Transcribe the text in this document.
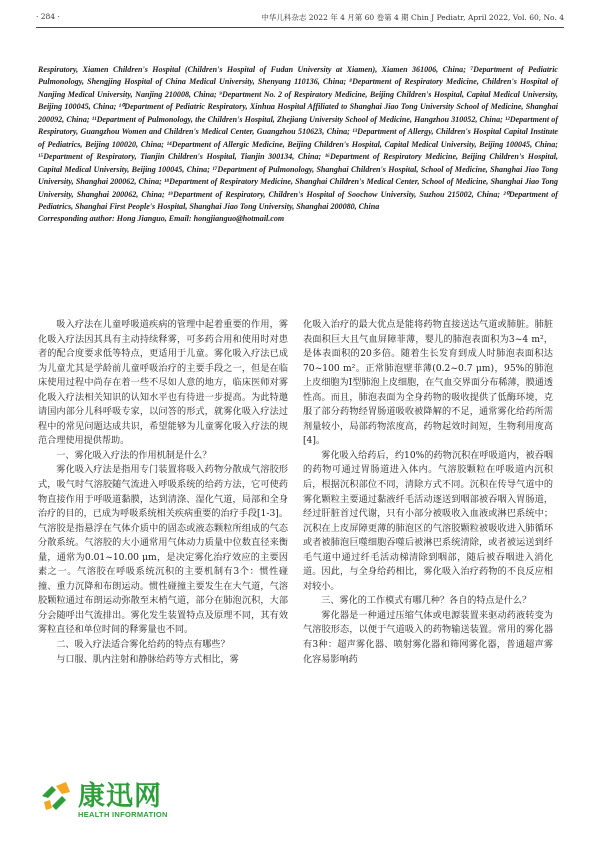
· 284 ·	中华儿科杂志 2022 年 4 月第 60 卷第 4 期 Chin J Pediatr, April 2022, Vol. 60, No. 4

Respiratory, Xiamen Children's Hospital (Children's Hospital of Fudan University at Xiamen), Xiamen 361006, China; ⁷Department of Pediatric Pulmonology, Shengjing Hospital of China Medical University, Shenyang 110136, China; ⁸Department of Respiratory Medicine, Children's Hospital of Nanjing Medical University, Nanjing 210008, China; ⁹Department No. 2 of Respiratory Medicine, Beijing Children's Hospital, Capital Medical University, Beijing 100045, China; ¹⁰Department of Pediatric Respiratory, Xinhua Hospital Affiliated to Shanghai Jiao Tong University School of Medicine, Shanghai 200092, China; ¹¹Department of Pulmonology, the Children's Hospital, Zhejiang University School of Medicine, Hangzhou 310052, China; ¹²Department of Respiratory, Guangzhou Women and Children's Medical Center, Guangzhou 510623, China; ¹³Department of Allergy, Children's Hospital Capital Institute of Pediatrics, Beijing 100020, China; ¹⁴Department of Allergic Medicine, Beijing Children's Hospital, Capital Medical University, Beijing 100045, China; ¹⁵Department of Respiratory, Tianjin Children's Hospital, Tianjin 300134, China; ¹⁶Department of Respiratory Medicine, Beijing Children's Hospital, Capital Medical University, Beijing 100045, China; ¹⁷Department of Pulmonology, Shanghai Children's Hospital, School of Medicine, Shanghai Jiao Tong University, Shanghai 200062, China; ¹⁸Department of Respiratory Medicine, Shanghai Children's Medical Center, School of Medicine, Shanghai Jiao Tong University, Shanghai 200062, China; ¹⁹Department of Respiratory, Children's Hospital of Soochow University, Suzhou 215002, China; ²⁰Department of Pediatrics, Shanghai First People's Hospital, Shanghai Jiao Tong University, Shanghai 200080, China

Corresponding author: Hong Jianguo, Email: hongjianguo@hotmail.com

吸入疗法在儿童呼吸道疾病的管理中起着重要的作用，雾化吸入疗法因其具有主动持续释雾，可多药合用和使用时对患者的配合度要求低等特点，更适用于儿童。雾化吸入疗法已成为儿童尤其是学龄前儿童呼吸治疗的主要手段之一，但是在临床使用过程中尚存在着一些不尽如人意的地方，临床医师对雾化吸入疗法相关知识的认知水平也有待进一步提高。为此特邀请国内部分儿科呼吸专家，以问答的形式，就雾化吸入疗法过程中的常见问题达成共识，希望能够为儿童雾化吸入疗法的规范合理使用提供帮助。

一、雾化吸入疗法的作用机制是什么？

雾化吸入疗法是指用专门装置将吸入药物分散成气溶胶形式，吸气时气溶胶随气流进入呼吸系统的给药方法，它可使药物直接作用于呼吸道黏膜，达到清涤、湿化气道，局部和全身治疗的目的，已成为呼吸系统相关疾病重要的治疗手段[1-3]。气溶胶是指悬浮在气体介质中的固态或液态颗粒所组成的气态分散系统。气溶胶的大小通常用气体动力质量中位数直径来衡量，通常为0.01~10.00 μm，是决定雾化治疗效应的主要因素之一。气溶胶在呼吸系统沉积的主要机制有3个：惯性碰撞、重力沉降和布朗运动。惯性碰撞主要发生在大气道，气溶胶颗粒通过布朗运动弥散至末梢气道，部分在肺泡沉积，大部分会随呼出气流排出。雾化发生装置特点及原理不同，其有效雾粒直径和单位时间的释雾量也不同。

二、吸入疗法适合雾化给药的特点有哪些？

与口服、肌内注射和静脉给药等方式相比，雾

化吸入治疗的最大优点是能将药物直接送达气道或肺脏。肺脏表面积巨大且气血屏障菲薄，婴儿的肺泡表面积为3~4 m²，是体表面积的20多倍。随着生长发育到成人时肺泡表面积达70~100 m²。正常肺泡壁菲薄(0.2~0.7 μm)，95%的肺泡上皮细胞为Ⅰ型肺泡上皮细胞，在气血交界面分布稀薄，膜通透性高。而且，肺泡表面为全身药物的吸收提供了低酶环境，克服了部分药物经胃肠道吸收被降解的不足，通常雾化给药所需剂量较小，局部药物浓度高，药物起效时间短，生物利用度高[4]。

雾化吸入给药后，约10%的药物沉积在呼吸道内，被吞咽的药物可通过胃肠道进入体内。气溶胶颗粒在呼吸道内沉积后，根据沉积部位不同，清除方式不同。沉积在传导气道中的雾化颗粒主要通过黏液纤毛活动逐送到咽部被吞咽入胃肠道，经过肝脏首过代谢，只有小部分被吸收入血液或淋巴系统中；沉积在上皮屏障更薄的肺泡区的气溶胶颗粒被吸收进入肺循环或者被肺泡巨噬细胞吞噬后被淋巴系统清除，或者被运送到纤毛气道中通过纤毛活动梯清除到咽部，随后被吞咽进入消化道。因此，与全身给药相比，雾化吸入治疗药物的不良反应相对较小。

三、雾化的工作模式有哪几种？各自的特点是什么？

雾化器是一种通过压缩气体或电源装置来驱动药液转变为气溶胶形态，以便于气道吸入的药物输送装置。常用的雾化器有3种：超声雾化器、喷射雾化器和筛网雾化器，普通超声雾化容易影响药

康迅网
HEALTH INFORMATION
